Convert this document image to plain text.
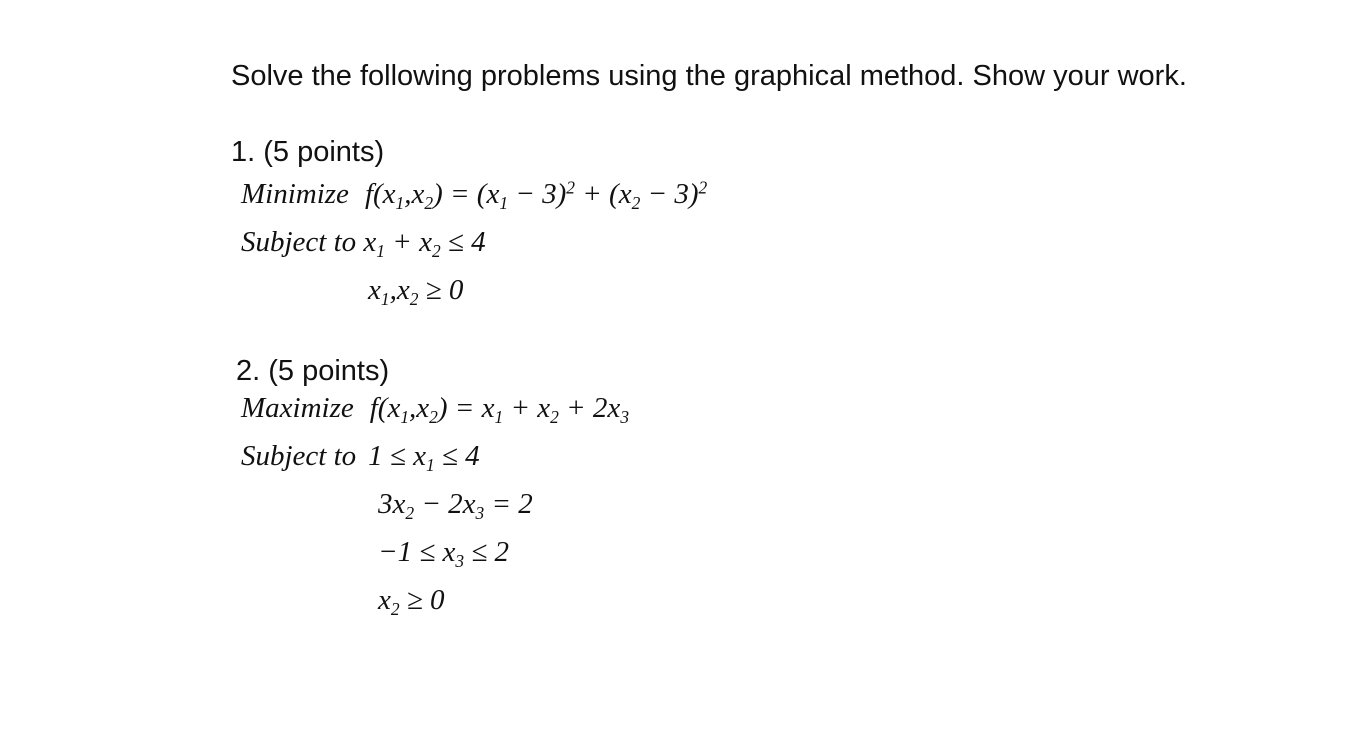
Solve the following problems using the graphical method. Show your work.
1. (5 points)
Minimize $f(x_1,x_2) = (x_1 - 3)^2 + (x_2 - 3)^2$
Subject to $x_1 + x_2 \le 4$
$x_1,x_2 \ge 0$
2. (5 points)
Maximize $f(x_1,x_2) = x_1 + x_2 + 2x_3$
Subject to $1 \le x_1 \le 4$
$3x_2 - 2x_3 = 2$
$-1 \le x_3 \le 2$
$x_2 \ge 0$
